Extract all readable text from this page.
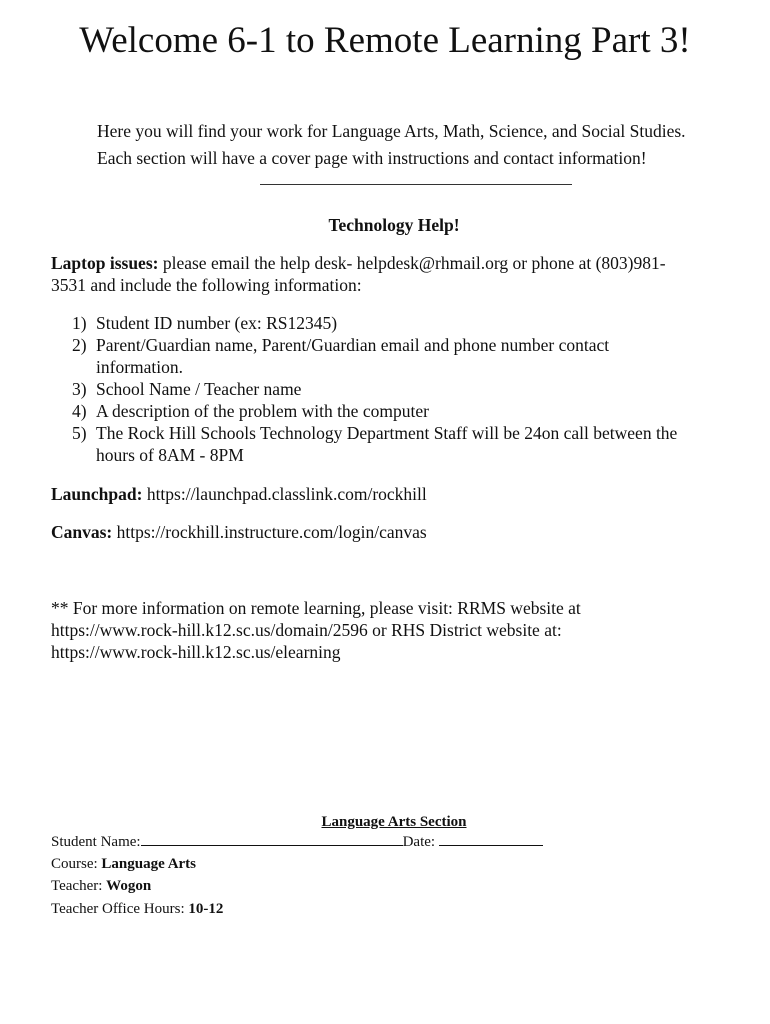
Welcome 6-1 to Remote Learning Part 3!
Here you will find your work for Language Arts, Math, Science, and Social Studies.
Each section will have a cover page with instructions and contact information!
Technology Help!
Laptop issues: please email the help desk- helpdesk@rhmail.org or phone at (803)981-
3531 and include the following information:
1) Student ID number (ex: RS12345)
2) Parent/Guardian name, Parent/Guardian email and phone number contact
information.
3) School Name / Teacher name
4) A description of the problem with the computer
5) The Rock Hill Schools Technology Department Staff will be 24on call between the
hours of 8AM - 8PM
Launchpad: https://launchpad.classlink.com/rockhill
Canvas: https://rockhill.instructure.com/login/canvas
** For more information on remote learning, please visit: RRMS website at
https://www.rock-hill.k12.sc.us/domain/2596 or RHS District website at:
https://www.rock-hill.k12.sc.us/elearning
Language Arts Section
Student Name:	Date:
Course: Language Arts
Teacher: Wogon
Teacher Office Hours: 10-12
